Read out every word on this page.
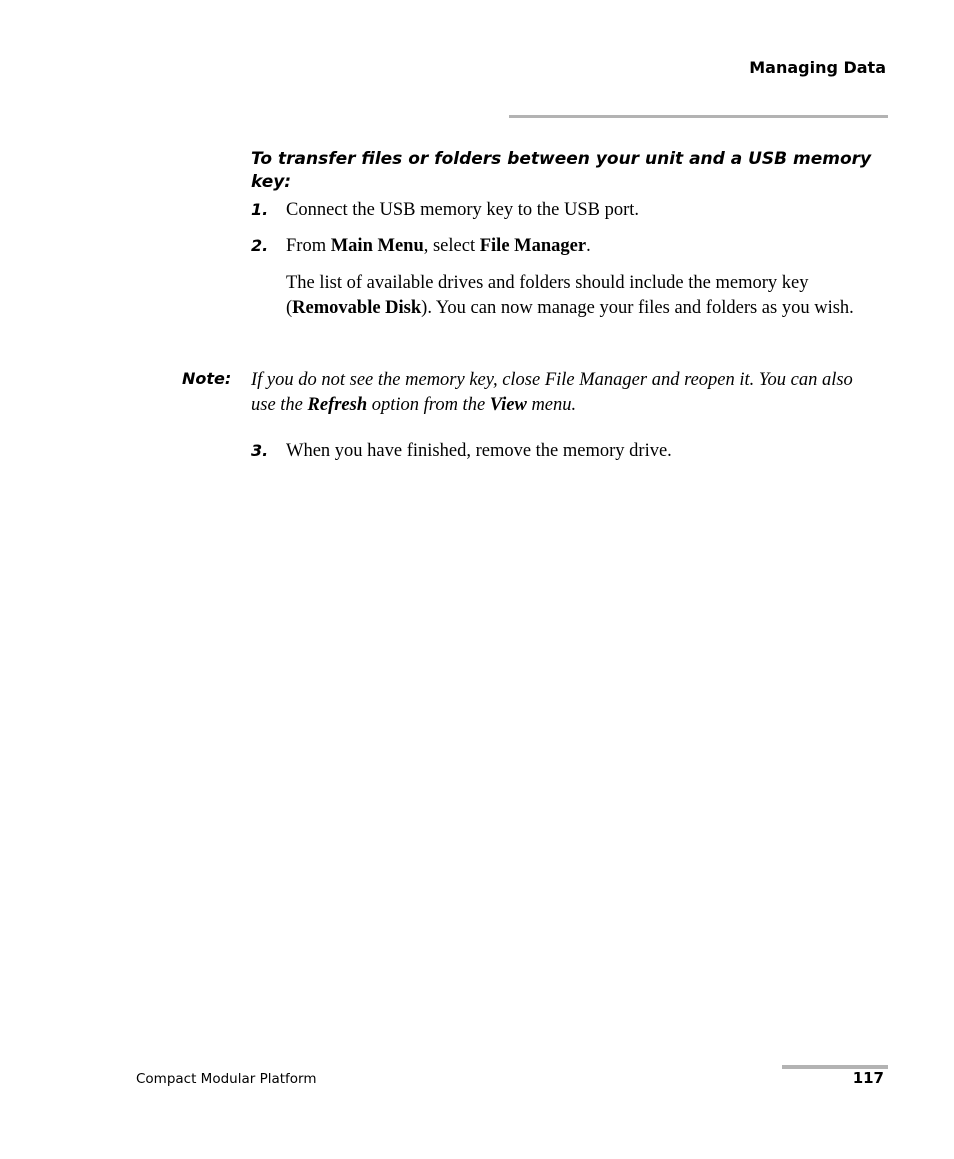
Managing Data
To transfer files or folders between your unit and a USB memory key:
1. Connect the USB memory key to the USB port.
2. From Main Menu, select File Manager.
The list of available drives and folders should include the memory key (Removable Disk). You can now manage your files and folders as you wish.
Note: If you do not see the memory key, close File Manager and reopen it. You can also use the Refresh option from the View menu.
3. When you have finished, remove the memory drive.
Compact Modular Platform	117
